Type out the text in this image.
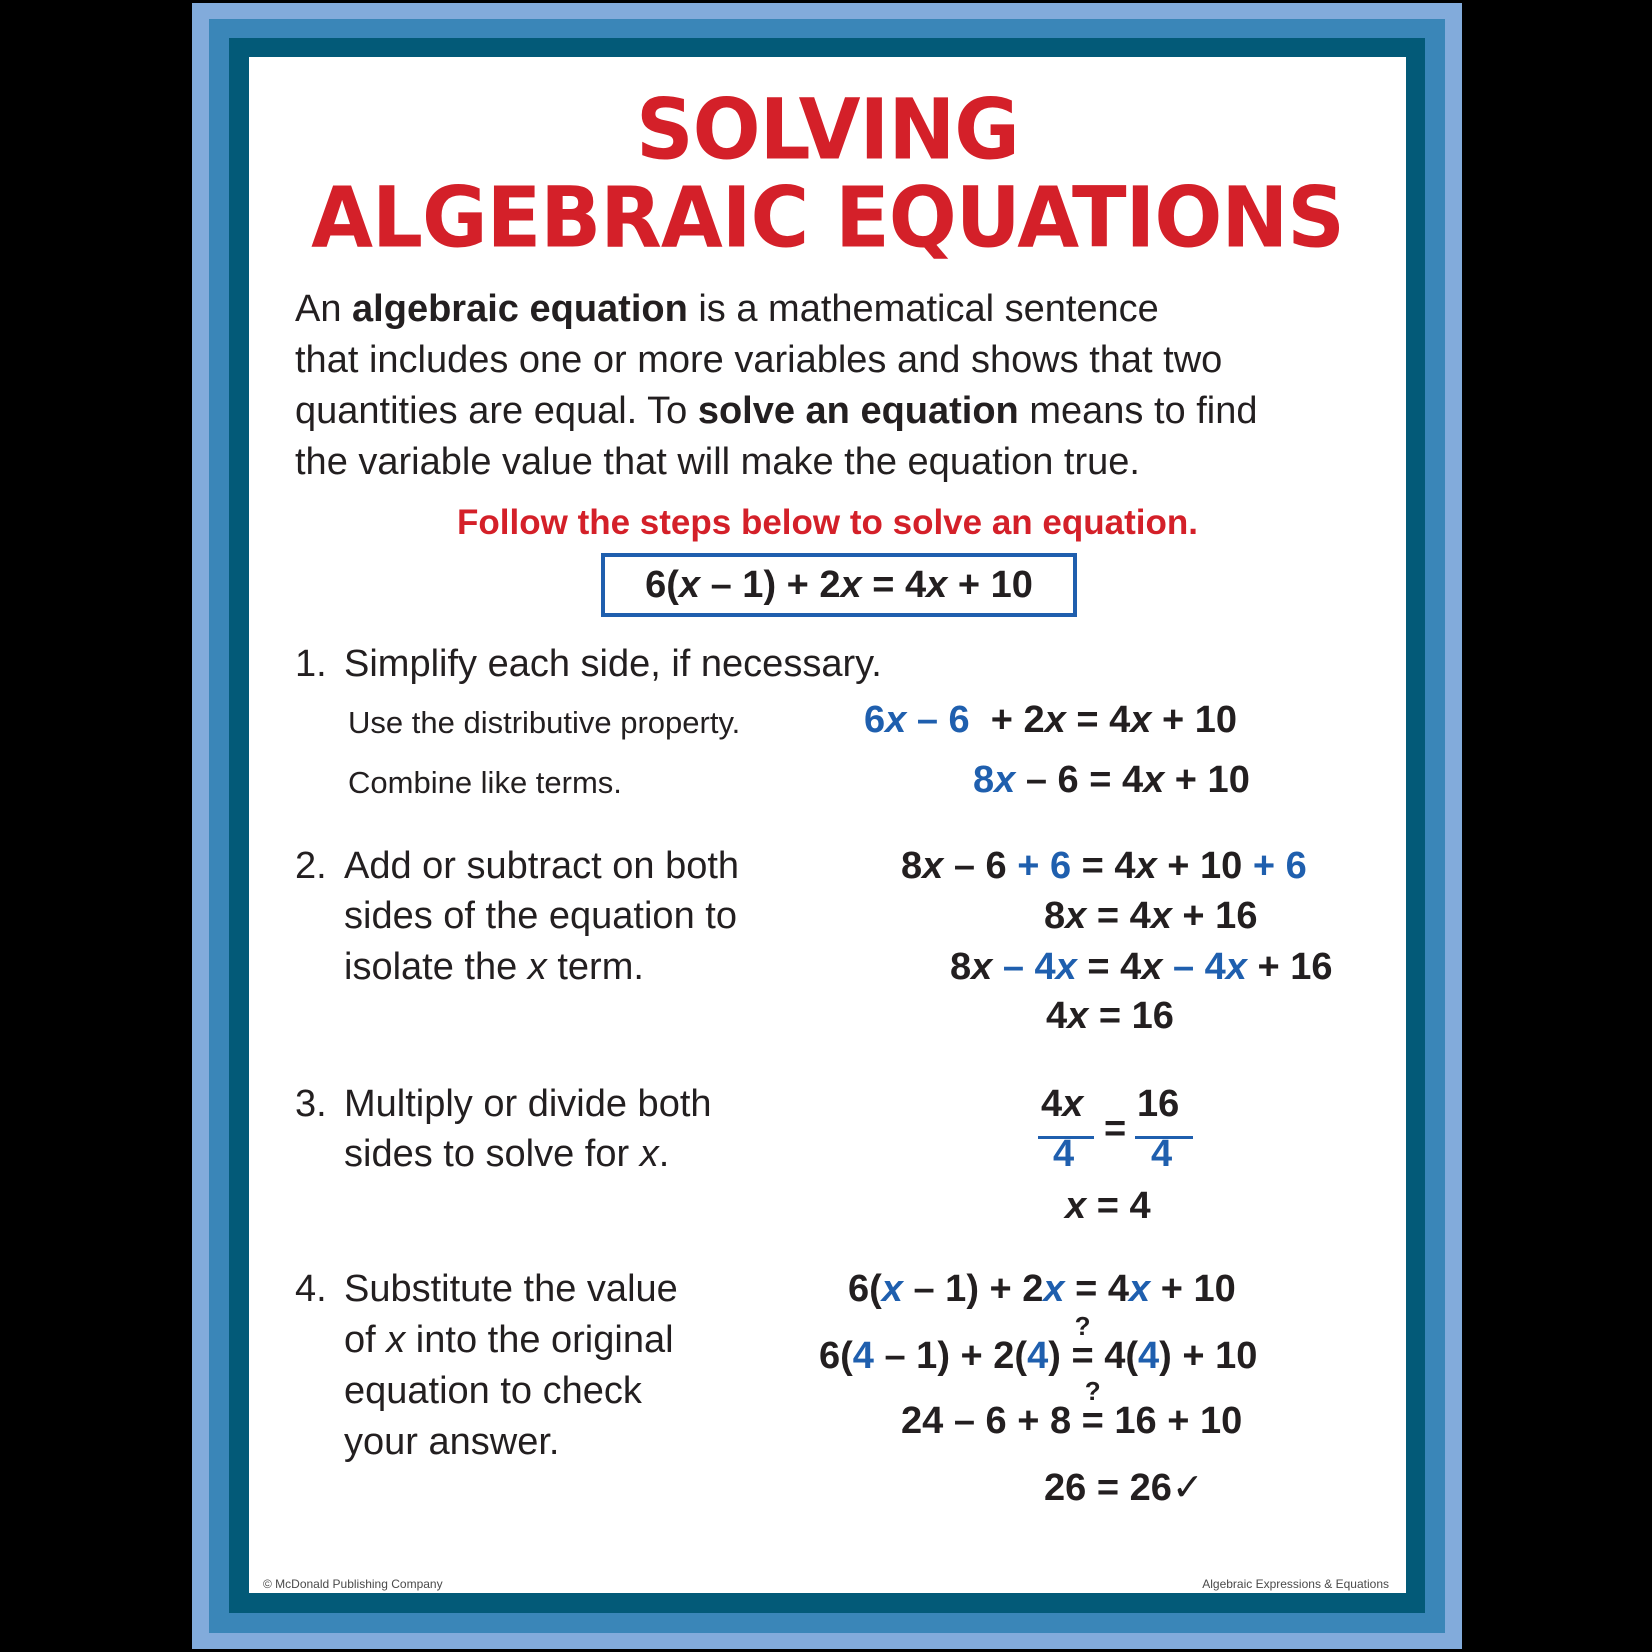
SOLVING
ALGEBRAIC EQUATIONS
An algebraic equation is a mathematical sentence
that includes one or more variables and shows that two
quantities are equal. To solve an equation means to find
the variable value that will make the equation true.
Follow the steps below to solve an equation.
6(x – 1) + 2x = 4x + 10
1. Simplify each side, if necessary.
Use the distributive property.	6x – 6  + 2x = 4x + 10
Combine like terms.	8x – 6 = 4x + 10
2. Add or subtract on both
sides of the equation to
isolate the x term.
8x – 6 + 6 = 4x + 10 + 6
8x = 4x + 16
8x – 4x = 4x – 4x + 16
4x = 16
3. Multiply or divide both
sides to solve for x.
4x
4
=
16
4
x = 4
4. Substitute the value
of x into the original
equation to check
your answer.
6(x – 1) + 2x = 4x + 10
6(4 – 1) + 2(4) =
?
4(4) + 10
24 – 6 + 8 =
?
16 + 10
26 = 26✓
© McDonald Publishing Company	Algebraic Expressions & Equations
